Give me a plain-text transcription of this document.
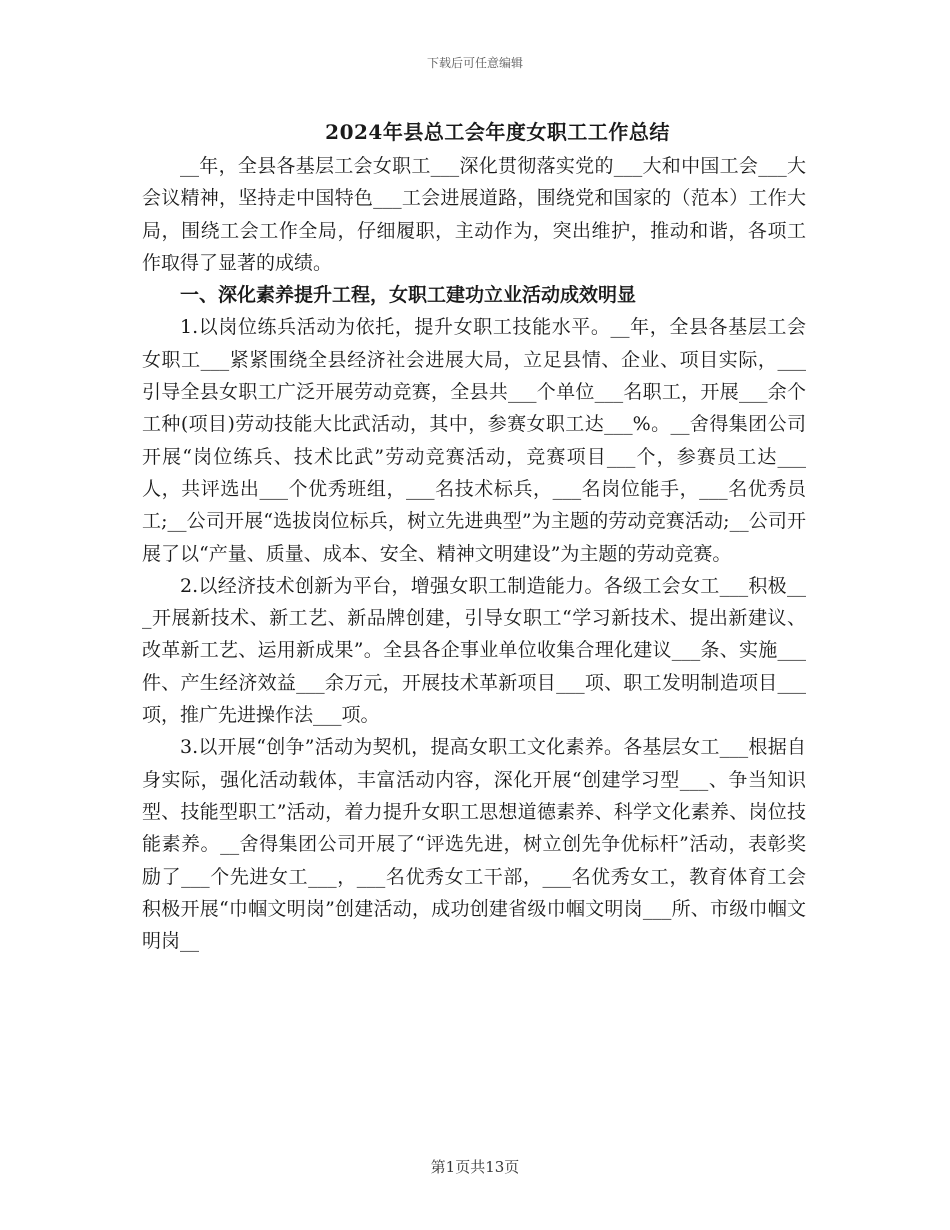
下载后可任意编辑
2024年县总工会年度女职工工作总结

__年，全县各基层工会女职工___深化贯彻落实党的___大和中国工会___大会议精神，坚持走中国特色___工会进展道路，围绕党和国家的（范本）工作大局，围绕工会工作全局，仔细履职，主动作为，突出维护，推动和谐，各项工作取得了显著的成绩。

一、深化素养提升工程，女职工建功立业活动成效明显

1.以岗位练兵活动为依托，提升女职工技能水平。__年，全县各基层工会女职工___紧紧围绕全县经济社会进展大局，立足县情、企业、项目实际，___引导全县女职工广泛开展劳动竞赛，全县共___个单位___名职工，开展___余个工种(项目)劳动技能大比武活动，其中，参赛女职工达___%。__舍得集团公司开展“岗位练兵、技术比武”劳动竞赛活动，竞赛项目___个，参赛员工达___人，共评选出___个优秀班组，___名技术标兵，___名岗位能手，___名优秀员工;__公司开展“选拔岗位标兵，树立先进典型”为主题的劳动竞赛活动;__公司开展了以“产量、质量、成本、安全、精神文明建设”为主题的劳动竞赛。

2.以经济技术创新为平台，增强女职工制造能力。各级工会女工___积极___开展新技术、新工艺、新品牌创建，引导女职工“学习新技术、提出新建议、改革新工艺、运用新成果”。全县各企事业单位收集合理化建议___条、实施___件、产生经济效益___余万元，开展技术革新项目___项、职工发明制造项目___项，推广先进操作法___项。

3.以开展“创争”活动为契机，提高女职工文化素养。各基层女工___根据自身实际，强化活动载体，丰富活动内容，深化开展“创建学习型___、争当知识型、技能型职工”活动，着力提升女职工思想道德素养、科学文化素养、岗位技能素养。__舍得集团公司开展了“评选先进，树立创先争优标杆”活动，表彰奖励了___个先进女工___，___名优秀女工干部，___名优秀女工，教育体育工会积极开展“巾帼文明岗”创建活动，成功创建省级巾帼文明岗___所、市级巾帼文明岗__

第1页共13页
